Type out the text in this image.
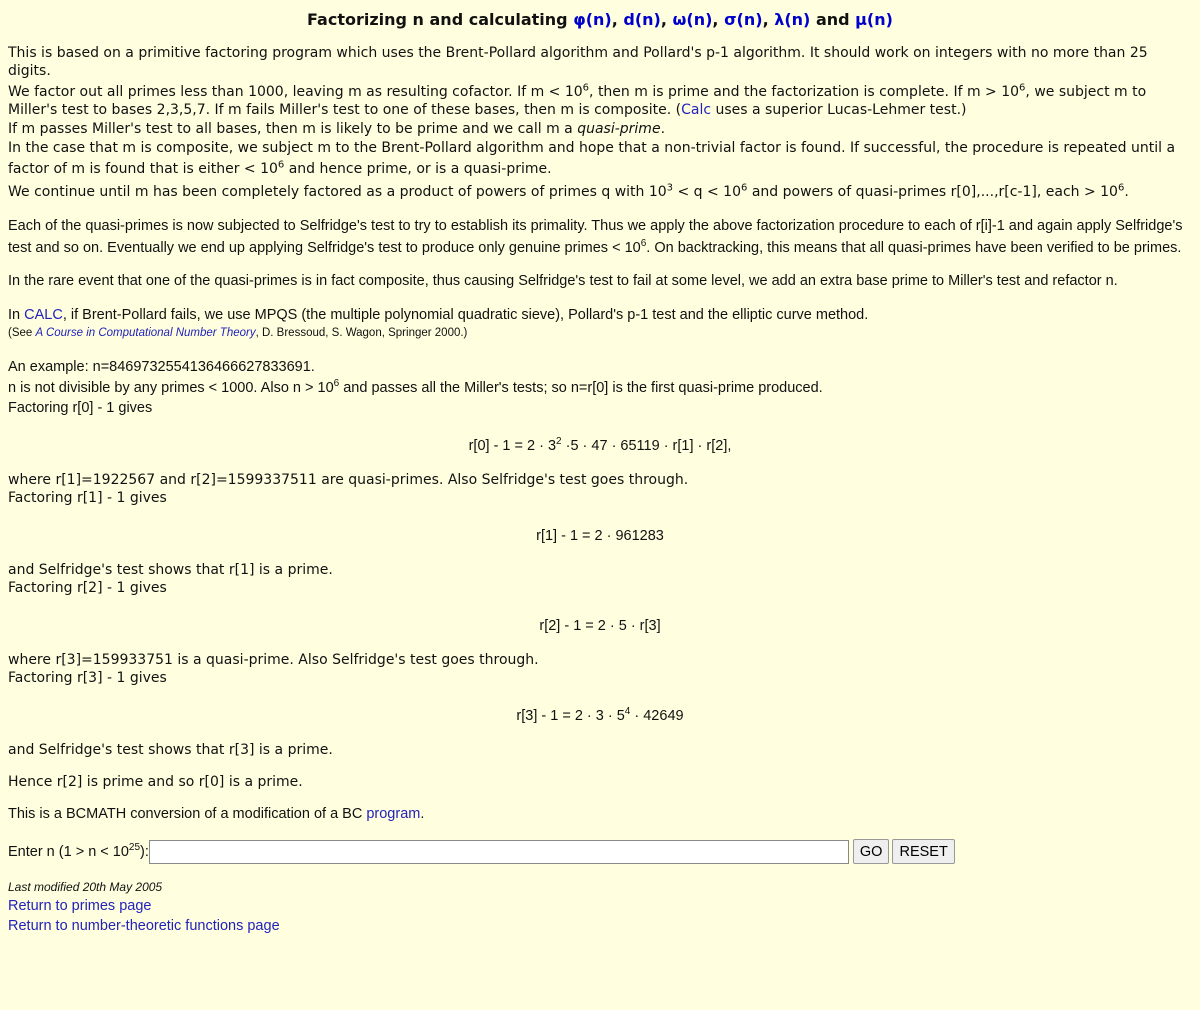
Factorizing n and calculating φ(n), d(n), ω(n), σ(n), λ(n) and μ(n)

This is based on a primitive factoring program which uses the Brent-Pollard algorithm and Pollard's p-1 algorithm. It should work on integers with no more than 25 digits.

We factor out all primes less than 1000, leaving m as resulting cofactor. If $m < 10^6$, then m is prime and the factorization is complete. If $m > 10^6$, we subject m to Miller's test to bases 2,3,5,7. If m fails Miller's test to one of these bases, then m is composite. (Calc uses a superior Lucas-Lehmer test.)

If m passes Miller's test to all bases, then m is likely to be prime and we call m a quasi-prime.

In the case that m is composite, we subject m to the Brent-Pollard algorithm and hope that a non-trivial factor is found. If successful, the procedure is repeated until a factor of m is found that is either < $10^6$ and hence prime, or is a quasi-prime.

We continue until m has been completely factored as a product of powers of primes q with $10^3 < q < 10^6$ and powers of quasi-primes r[0],...,r[c-1], each > $10^6$.

Each of the quasi-primes is now subjected to Selfridge's test to try to establish its primality. Thus we apply the above factorization procedure to each of r[i]-1 and again apply Selfridge's test and so on. Eventually we end up applying Selfridge's test to produce only genuine primes < $10^6$. On backtracking, this means that all quasi-primes have been verified to be primes.

In the rare event that one of the quasi-primes is in fact composite, thus causing Selfridge's test to fail at some level, we add an extra base prime to Miller's test and refactor n.

In CALC, if Brent-Pollard fails, we use MPQS (the multiple polynomial quadratic sieve), Pollard's p-1 test and the elliptic curve method.

(See A Course in Computational Number Theory, D. Bressoud, S. Wagon, Springer 2000.)

An example: n=8469732554136466627833691.

n is not divisible by any primes < 1000. Also $n > 10^6$ and passes all the Miller's tests; so n=r[0] is the first quasi-prime produced.

Factoring r[0] - 1 gives

$r[0] - 1 = 2 \cdot 3^2 \cdot 5 \cdot 47 \cdot 65119 \cdot r[1] \cdot r[2]$,

where r[1]=1922567 and r[2]=1599337511 are quasi-primes. Also Selfridge's test goes through.

Factoring r[1] - 1 gives

r[1] - 1 = 2 · 961283

and Selfridge's test shows that r[1] is a prime.

Factoring r[2] - 1 gives

r[2] - 1 = 2 · 5 · r[3]

where r[3]=159933751 is a quasi-prime. Also Selfridge's test goes through.

Factoring r[3] - 1 gives

$r[3] - 1 = 2 \cdot 3 \cdot 5^4 \cdot 42649$

and Selfridge's test shows that r[3] is a prime.

Hence r[2] is prime and so r[0] is a prime.

This is a BCMATH conversion of a modification of a BC program.

Enter n $(1 > n < 10^{25})$:	GO	RESET
Last modified 20th May 2005
Return to primes page
Return to number-theoretic functions page
